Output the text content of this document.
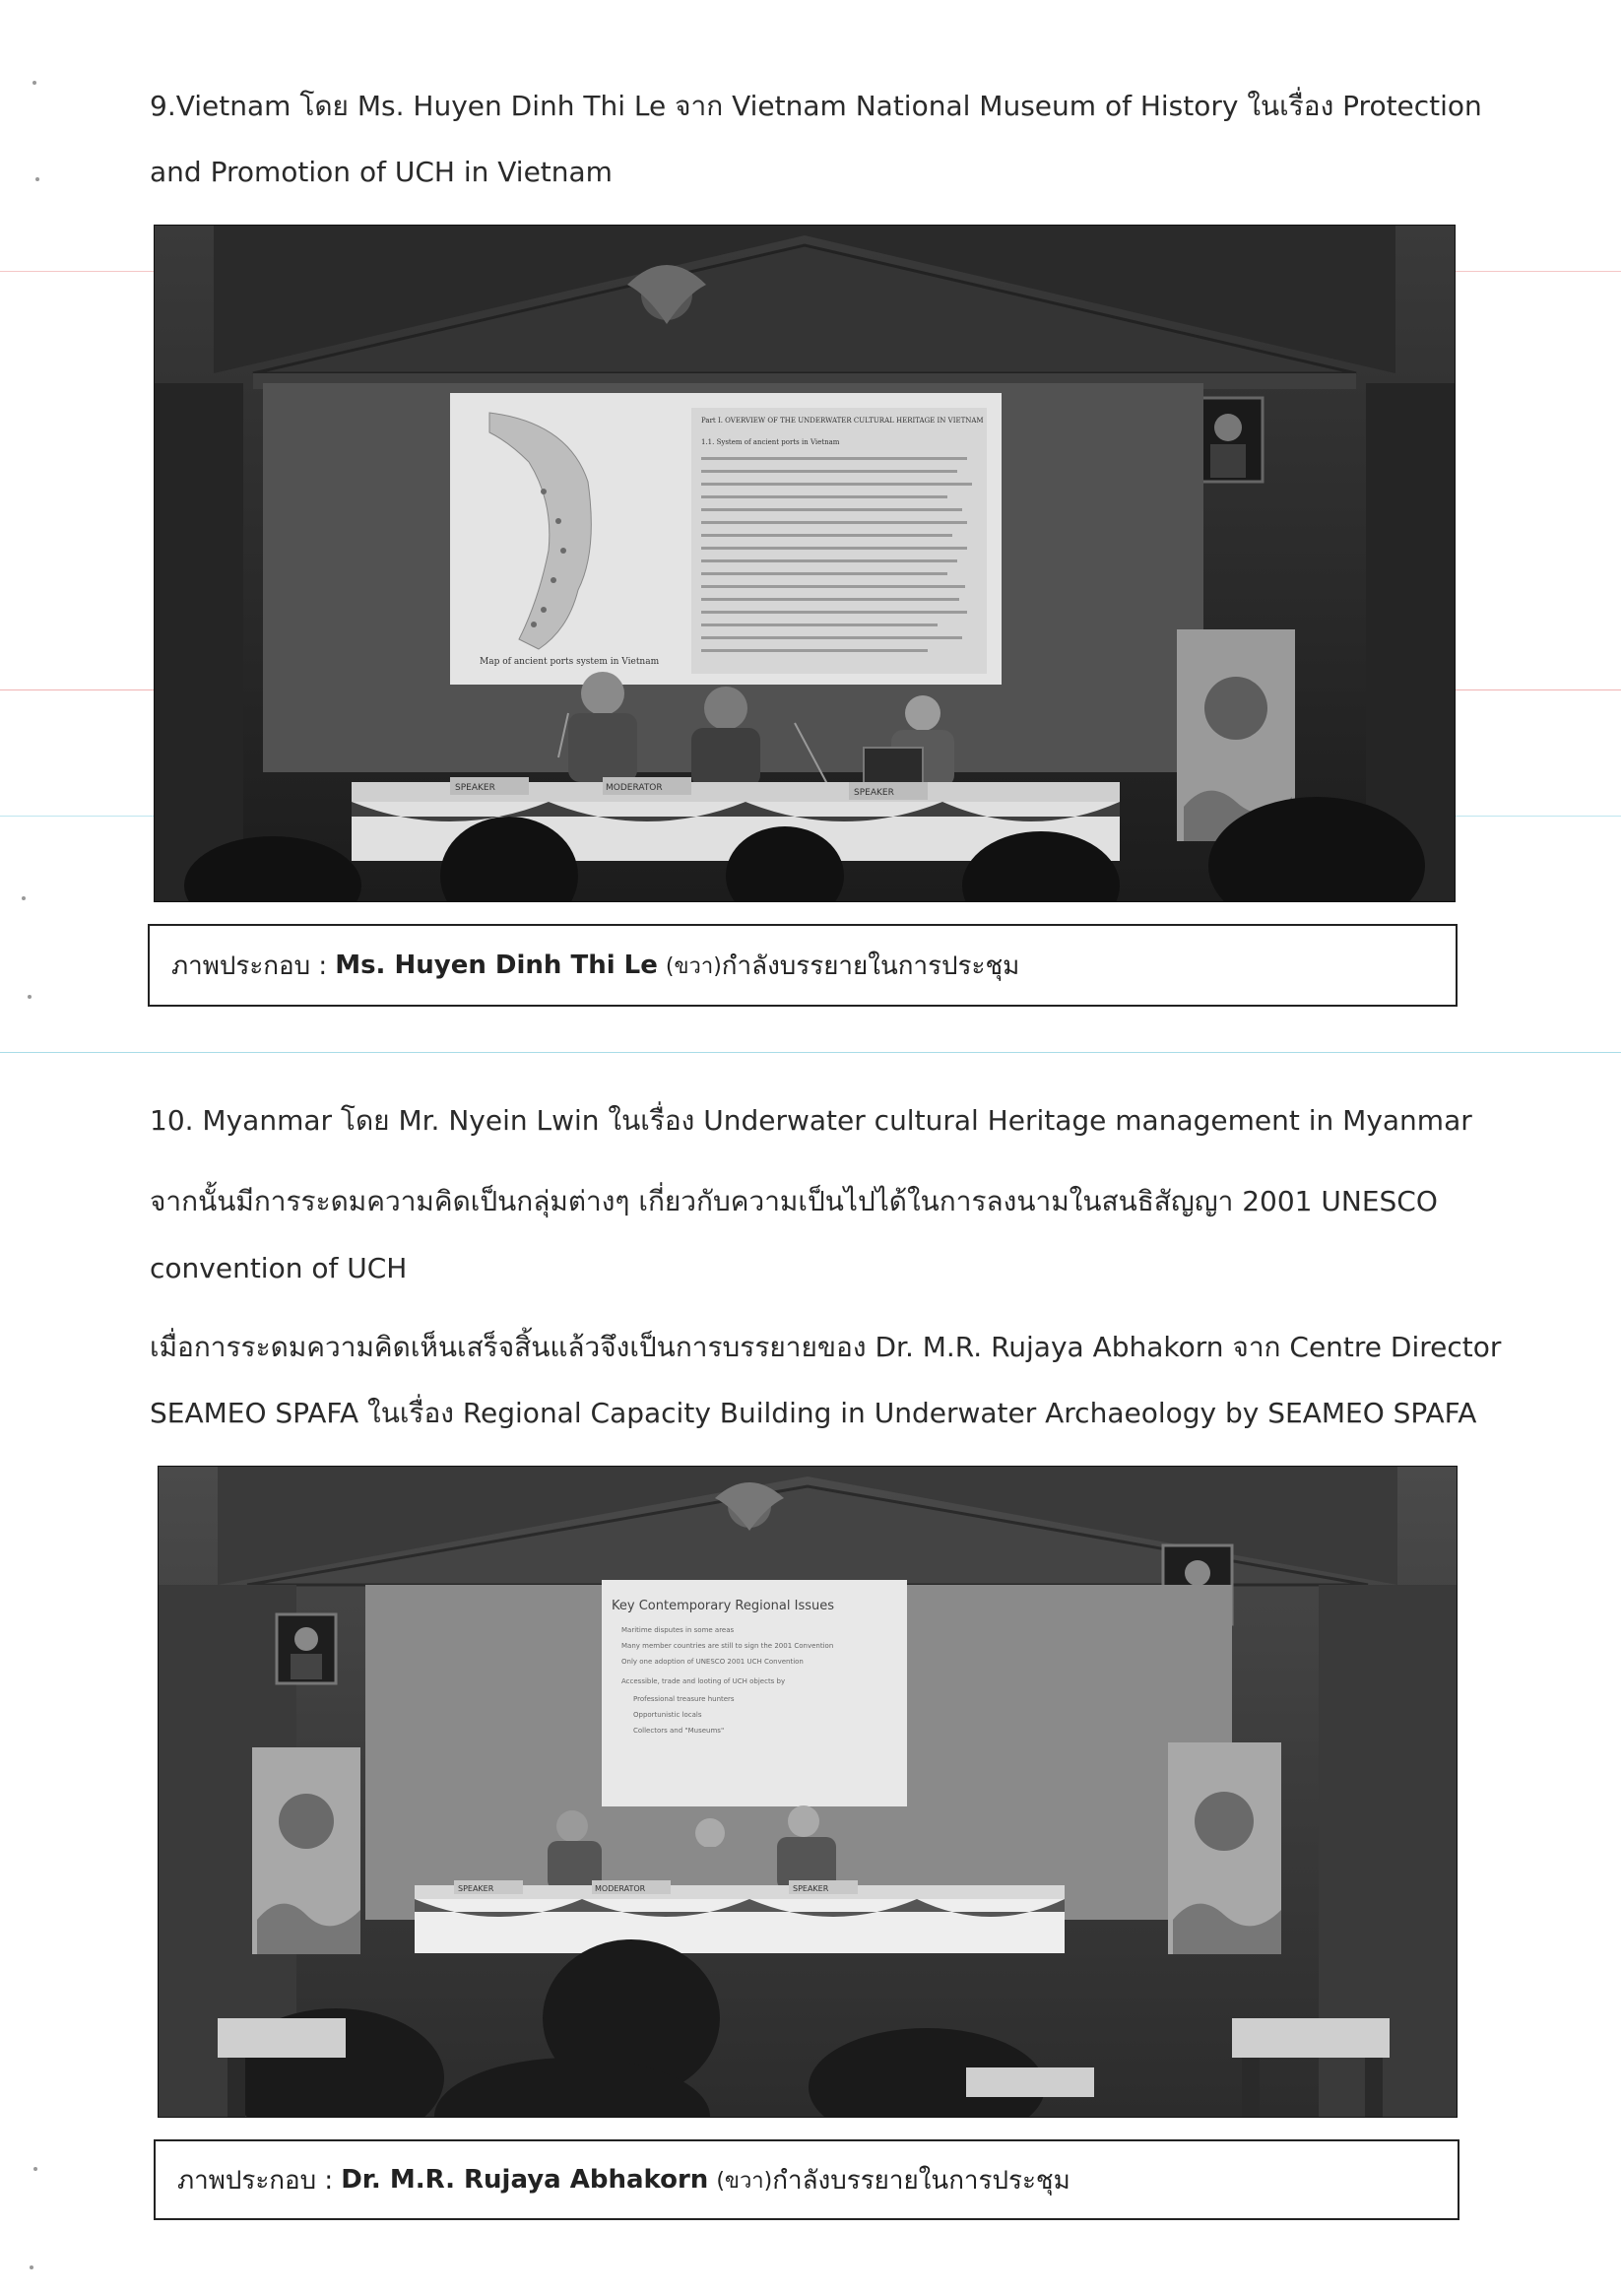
9.Vietnam โดย Ms. Huyen Dinh Thi Le จาก Vietnam National Museum of History ในเรื่อง Protection

and Promotion of UCH in Vietnam

Map of ancient ports system in Vietnam
Part I. OVERVIEW OF THE UNDERWATER CULTURAL HERITAGE IN VIETNAM
1.1. System of ancient ports in Vietnam
SPEAKER	MODERATOR	SPEAKER
ภาพประกอบ : Ms. Huyen Dinh Thi Le (ขวา) กำลังบรรยายในการประชุม

10. Myanmar โดย Mr. Nyein Lwin ในเรื่อง Underwater cultural Heritage management in Myanmar

จากนั้นมีการระดมความคิดเป็นกลุ่มต่างๆ เกี่ยวกับความเป็นไปได้ในการลงนามในสนธิสัญญา 2001 UNESCO

convention of UCH

เมื่อการระดมความคิดเห็นเสร็จสิ้นแล้วจึงเป็นการบรรยายของ Dr. M.R. Rujaya Abhakorn จาก Centre Director

SEAMEO SPAFA ในเรื่อง Regional Capacity Building in Underwater Archaeology by SEAMEO SPAFA

Key Contemporary Regional Issues
Maritime disputes in some areas
Many member countries are still to sign the 2001 Convention
Only one adoption of UNESCO 2001 UCH Convention
Accessible, trade and looting of UCH objects by
Professional treasure hunters
Opportunistic locals
Collectors and "Museums"
SPEAKER	MODERATOR	SPEAKER
ภาพประกอบ : Dr. M.R. Rujaya Abhakorn (ขวา) กำลังบรรยายในการประชุม
